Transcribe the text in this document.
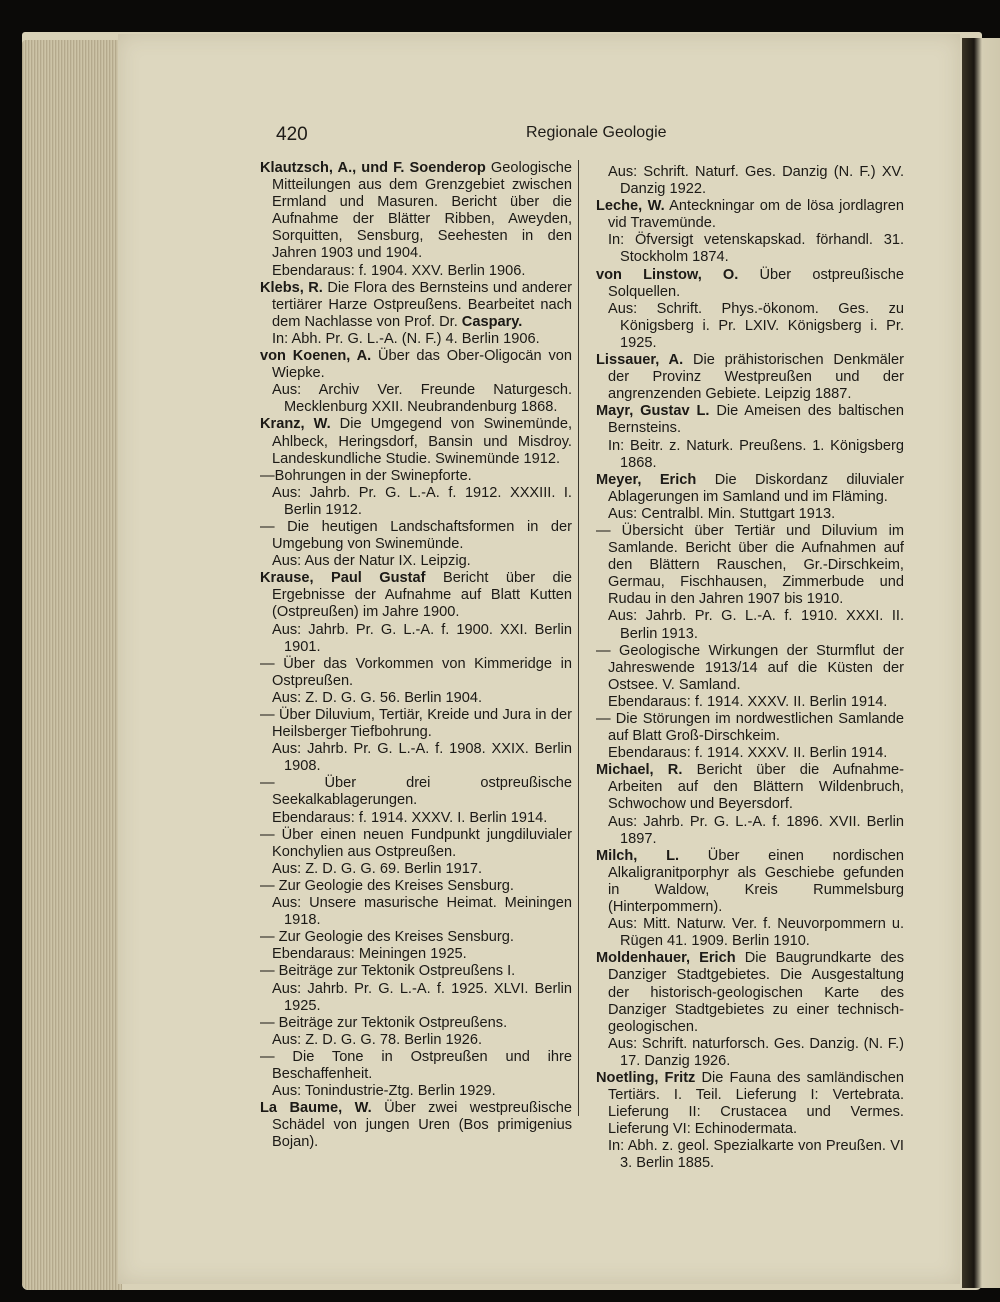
420	Regionale Geologie

Klautzsch, A., und F. Soenderop Geologische Mitteilungen aus dem Grenzgebiet zwischen Ermland und Masuren. Bericht über die Aufnahme der Blätter Ribben, Aweyden, Sorquitten, Sensburg, Seehesten in den Jahren 1903 und 1904.

Ebendaraus: f. 1904. XXV. Berlin 1906.

Klebs, R. Die Flora des Bernsteins und anderer tertiärer Harze Ostpreußens. Bearbeitet nach dem Nachlasse von Prof. Dr. Caspary.

In: Abh. Pr. G. L.-A. (N. F.) 4. Berlin 1906.

von Koenen, A. Über das Ober-Oligocän von Wiepke.

Aus: Archiv Ver. Freunde Naturgesch. Mecklenburg XXII. Neubrandenburg 1868.

Kranz, W. Die Umgegend von Swinemünde, Ahlbeck, Heringsdorf, Bansin und Misdroy. Landeskundliche Studie. Swinemünde 1912.

—Bohrungen in der Swinepforte.

Aus: Jahrb. Pr. G. L.-A. f. 1912. XXXIII. I. Berlin 1912.

— Die heutigen Landschaftsformen in der Umgebung von Swinemünde.

Aus: Aus der Natur IX. Leipzig.

Krause, Paul Gustaf Bericht über die Ergebnisse der Aufnahme auf Blatt Kutten (Ostpreußen) im Jahre 1900.

Aus: Jahrb. Pr. G. L.-A. f. 1900. XXI. Berlin 1901.

— Über das Vorkommen von Kimmeridge in Ostpreußen.

Aus: Z. D. G. G. 56. Berlin 1904.

— Über Diluvium, Tertiär, Kreide und Jura in der Heilsberger Tiefbohrung.

Aus: Jahrb. Pr. G. L.-A. f. 1908. XXIX. Berlin 1908.

— Über drei ostpreußische Seekalkablagerungen.

Ebendaraus: f. 1914. XXXV. I. Berlin 1914.

— Über einen neuen Fundpunkt jungdiluvialer Konchylien aus Ostpreußen.

Aus: Z. D. G. G. 69. Berlin 1917.

— Zur Geologie des Kreises Sensburg.

Aus: Unsere masurische Heimat. Meiningen 1918.

— Zur Geologie des Kreises Sensburg.

Ebendaraus: Meiningen 1925.

— Beiträge zur Tektonik Ostpreußens I.

Aus: Jahrb. Pr. G. L.-A. f. 1925. XLVI. Berlin 1925.

— Beiträge zur Tektonik Ostpreußens.

Aus: Z. D. G. G. 78. Berlin 1926.

— Die Tone in Ostpreußen und ihre Beschaffenheit.

Aus: Tonindustrie-Ztg. Berlin 1929.

La Baume, W. Über zwei westpreußische Schädel von jungen Uren (Bos primigenius Bojan).

Aus: Schrift. Naturf. Ges. Danzig (N. F.) XV. Danzig 1922.

Leche, W. Anteckningar om de lösa jordlagren vid Travemünde.

In: Öfversigt vetenskapskad. förhandl. 31. Stockholm 1874.

von Linstow, O. Über ostpreußische Solquellen.

Aus: Schrift. Phys.-ökonom. Ges. zu Königsberg i. Pr. LXIV. Königsberg i. Pr. 1925.

Lissauer, A. Die prähistorischen Denkmäler der Provinz Westpreußen und der angrenzenden Gebiete. Leipzig 1887.

Mayr, Gustav L. Die Ameisen des baltischen Bernsteins.

In: Beitr. z. Naturk. Preußens. 1. Königsberg 1868.

Meyer, Erich Die Diskordanz diluvialer Ablagerungen im Samland und im Fläming.

Aus: Centralbl. Min. Stuttgart 1913.

— Übersicht über Tertiär und Diluvium im Samlande. Bericht über die Aufnahmen auf den Blättern Rauschen, Gr.-Dirschkeim, Germau, Fischhausen, Zimmerbude und Rudau in den Jahren 1907 bis 1910.

Aus: Jahrb. Pr. G. L.-A. f. 1910. XXXI. II. Berlin 1913.

— Geologische Wirkungen der Sturmflut der Jahreswende 1913/14 auf die Küsten der Ostsee. V. Samland.

Ebendaraus: f. 1914. XXXV. II. Berlin 1914.

— Die Störungen im nordwestlichen Samlande auf Blatt Groß-Dirschkeim.

Ebendaraus: f. 1914. XXXV. II. Berlin 1914.

Michael, R. Bericht über die Aufnahme-Arbeiten auf den Blättern Wildenbruch, Schwochow und Beyersdorf.

Aus: Jahrb. Pr. G. L.-A. f. 1896. XVII. Berlin 1897.

Milch, L. Über einen nordischen Alkaligranitporphyr als Geschiebe gefunden in Waldow, Kreis Rummelsburg (Hinterpommern).

Aus: Mitt. Naturw. Ver. f. Neuvorpommern u. Rügen 41. 1909. Berlin 1910.

Moldenhauer, Erich Die Baugrundkarte des Danziger Stadtgebietes. Die Ausgestaltung der historisch-geologischen Karte des Danziger Stadtgebietes zu einer technisch-geologischen.

Aus: Schrift. naturforsch. Ges. Danzig. (N. F.) 17. Danzig 1926.

Noetling, Fritz Die Fauna des samländischen Tertiärs. I. Teil. Lieferung I: Vertebrata. Lieferung II: Crustacea und Vermes. Lieferung VI: Echinodermata.

In: Abh. z. geol. Spezialkarte von Preußen. VI 3. Berlin 1885.
